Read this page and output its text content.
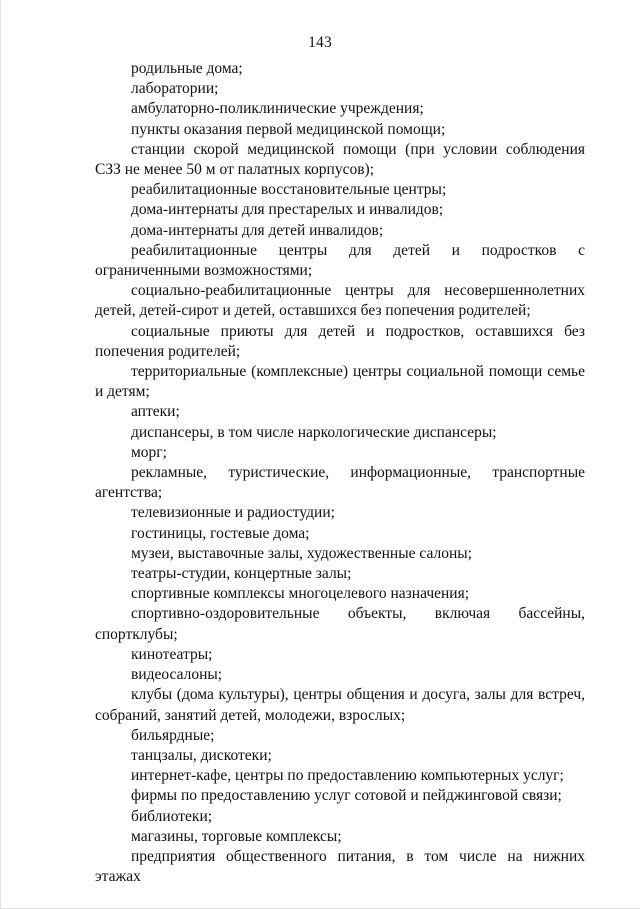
143

родильные дома;

лаборатории;

амбулаторно-поликлинические учреждения;

пункты оказания первой медицинской помощи;

станции скорой медицинской помощи (при условии соблюдения СЗЗ не менее 50 м от палатных корпусов);

реабилитационные восстановительные центры;

дома-интернаты для престарелых и инвалидов;

дома-интернаты для детей инвалидов;

реабилитационные центры для детей и подростков с ограниченными возможностями;

социально-реабилитационные центры для несовершеннолетних детей, детей-сирот и детей, оставшихся без попечения родителей;

социальные приюты для детей и подростков, оставшихся без попечения родителей;

территориальные (комплексные) центры социальной помощи семье и детям;

аптеки;

диспансеры, в том числе наркологические диспансеры;

морг;

рекламные, туристические, информационные, транспортные агентства;

телевизионные и радиостудии;

гостиницы, гостевые дома;

музеи, выставочные залы, художественные салоны;

театры-студии, концертные залы;

спортивные комплексы многоцелевого назначения;

спортивно-оздоровительные объекты, включая бассейны, спортклубы;

кинотеатры;

видеосалоны;

клубы (дома культуры), центры общения и досуга, залы для встреч, собраний, занятий детей, молодежи, взрослых;

бильярдные;

танцзалы, дискотеки;

интернет-кафе, центры по предоставлению компьютерных услуг;

фирмы по предоставлению услуг сотовой и пейджинговой связи;

библиотеки;

магазины, торговые комплексы;

предприятия общественного питания, в том числе на нижних этажах
